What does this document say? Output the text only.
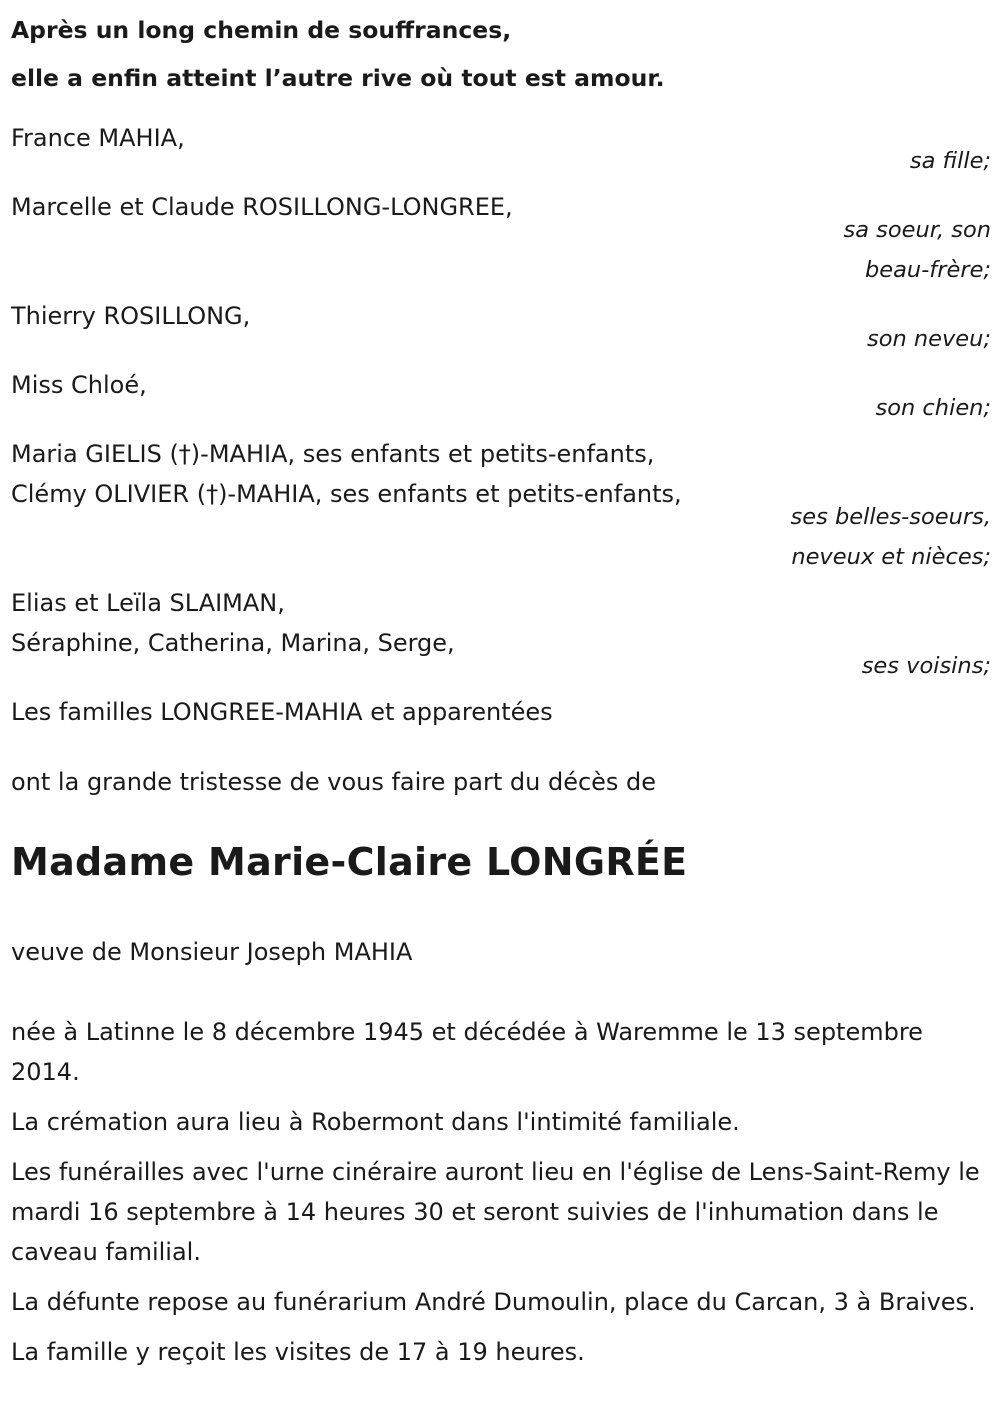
Après un long chemin de souffrances,

elle a enfin atteint l’autre rive où tout est amour.

France MAHIA,
sa fille;
Marcelle et Claude ROSILLONG-LONGREE,
sa soeur, son
beau-frère;
Thierry ROSILLONG,
son neveu;
Miss Chloé,
son chien;
Maria GIELIS (†)-MAHIA, ses enfants et petits-enfants,
Clémy OLIVIER (†)-MAHIA, ses enfants et petits-enfants,
ses belles-soeurs,
neveux et nièces;
Elias et Leïla SLAIMAN,
Séraphine, Catherina, Marina, Serge,
ses voisins;
Les familles LONGREE-MAHIA et apparentées

ont la grande tristesse de vous faire part du décès de

Madame Marie-Claire LONGRÉE

veuve de Monsieur Joseph MAHIA

née à Latinne le 8 décembre 1945 et décédée à Waremme le 13 septembre 2014.

La crémation aura lieu à Robermont dans l'intimité familiale.

Les funérailles avec l'urne cinéraire auront lieu en l'église de Lens-Saint-Remy le mardi 16 septembre à 14 heures 30 et seront suivies de l'inhumation dans le caveau familial.

La défunte repose au funérarium André Dumoulin, place du Carcan, 3 à Braives.

La famille y reçoit les visites de 17 à 19 heures.
